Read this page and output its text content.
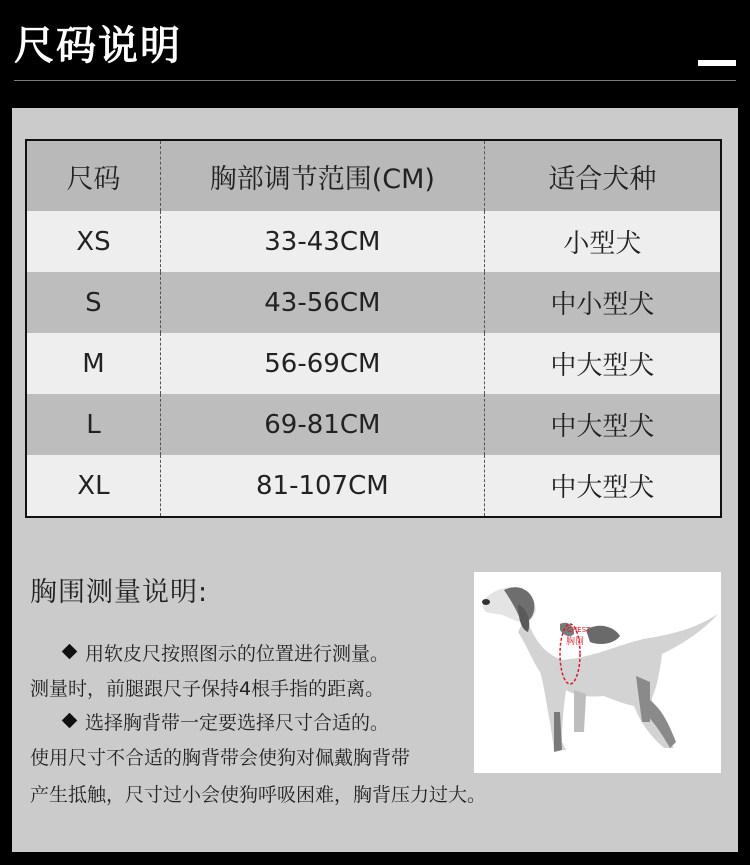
尺码说明
尺码	胸部调节范围(CM)	适合犬种
XS	33-43CM	小型犬
S	43-56CM	中小型犬
M	56-69CM	中大型犬
L	69-81CM	中大型犬
XL	81-107CM	中大型犬
胸围测量说明:
用软皮尺按照图示的位置进行测量。
测量时，前腿跟尺子保持4根手指的距离。
选择胸背带一定要选择尺寸合适的。
使用尺寸不合适的胸背带会使狗对佩戴胸背带
产生抵触，尺寸过小会使狗呼吸困难，胸背压力过大。
CHEST
胸围
